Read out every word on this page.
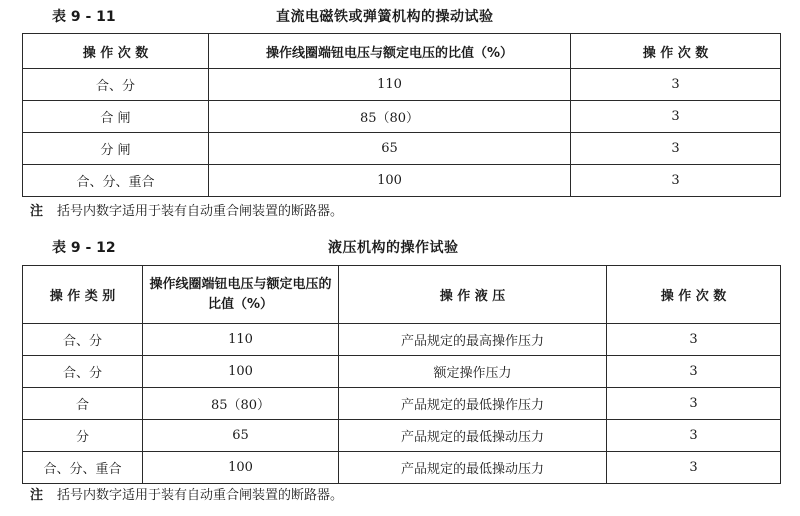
表 9 - 11	直流电磁铁或弹簧机构的操动试验
操 作 次 数	操作线圈端钮电压与额定电压的比值（%）	操 作 次 数
合、分	110	3
合 闸	85（80）	3
分 闸	65	3
合、分、重合	100	3
注 括号内数字适用于装有自动重合闸装置的断路器。
表 9 - 12	液压机构的操作试验
操 作 类 别	操作线圈端钮电压与额定电压的比值（%）	操 作 液 压	操 作 次 数
合、分	110	产品规定的最高操作压力	3
合、分	100	额定操作压力	3
合	85（80）	产品规定的最低操作压力	3
分	65	产品规定的最低操动压力	3
合、分、重合	100	产品规定的最低操动压力	3
注 括号内数字适用于装有自动重合闸装置的断路器。
